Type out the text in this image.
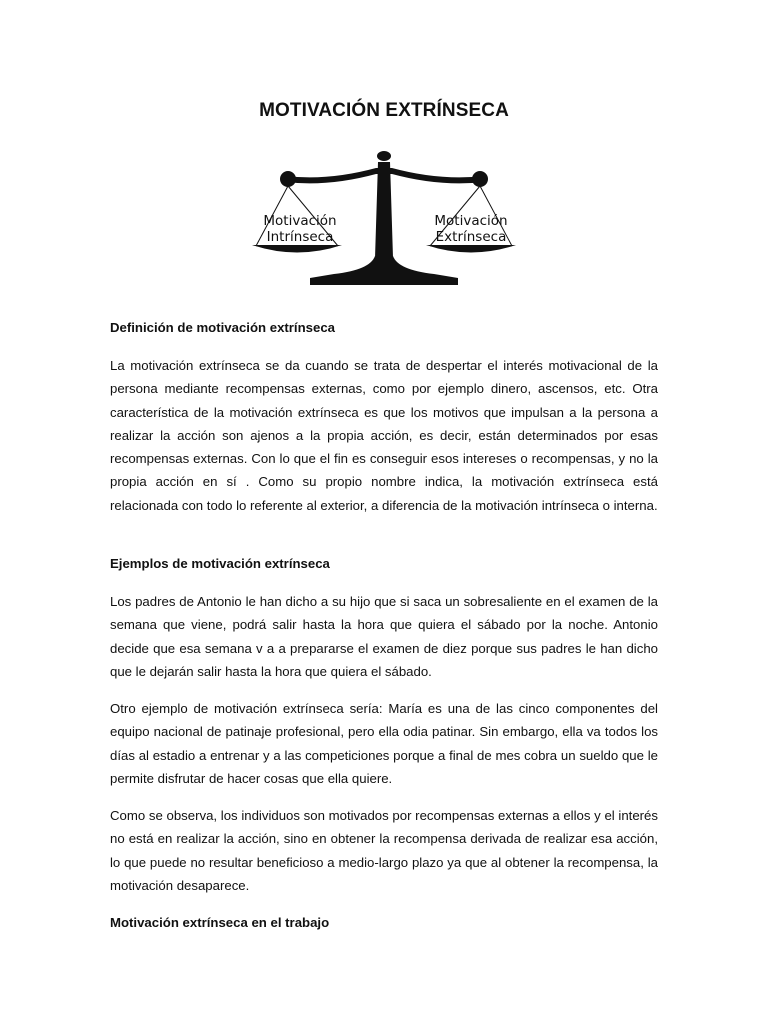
MOTIVACIÓN EXTRÍNSECA
Motivación
Intrínseca
Motivación
Extrínseca
Definición de motivación extrínseca

La motivación extrínseca se da cuando se trata de despertar el interés motivacional de la persona mediante recompensas externas, como por ejemplo dinero, ascensos, etc. Otra característica de la motivación extrínseca es que los motivos que impulsan a la persona a realizar la acción son ajenos a la propia acción, es decir, están determinados por esas recompensas externas. Con lo que el fin es conseguir esos intereses o recompensas, y no la propia acción en sí . Como su propio nombre indica, la motivación extrínseca está relacionada con todo lo referente al exterior, a diferencia de la motivación intrínseca o interna.

Ejemplos de motivación extrínseca

Los padres de Antonio le han dicho a su hijo que si saca un sobresaliente en el examen de la semana que viene, podrá salir hasta la hora que quiera el sábado por la noche. Antonio decide que esa semana v a a prepararse el examen de diez porque sus padres le han dicho que le dejarán salir hasta la hora que quiera el sábado.

Otro ejemplo de motivación extrínseca sería: María es una de las cinco componentes del equipo nacional de patinaje profesional, pero ella odia patinar. Sin embargo, ella va todos los días al estadio a entrenar y a las competiciones porque a final de mes cobra un sueldo que le permite disfrutar de hacer cosas que ella quiere.

Como se observa, los individuos son motivados por recompensas externas a ellos y el interés no está en realizar la acción, sino en obtener la recompensa derivada de realizar esa acción, lo que puede no resultar beneficioso a medio-largo plazo ya que al obtener la recompensa, la motivación desaparece.

Motivación extrínseca en el trabajo
